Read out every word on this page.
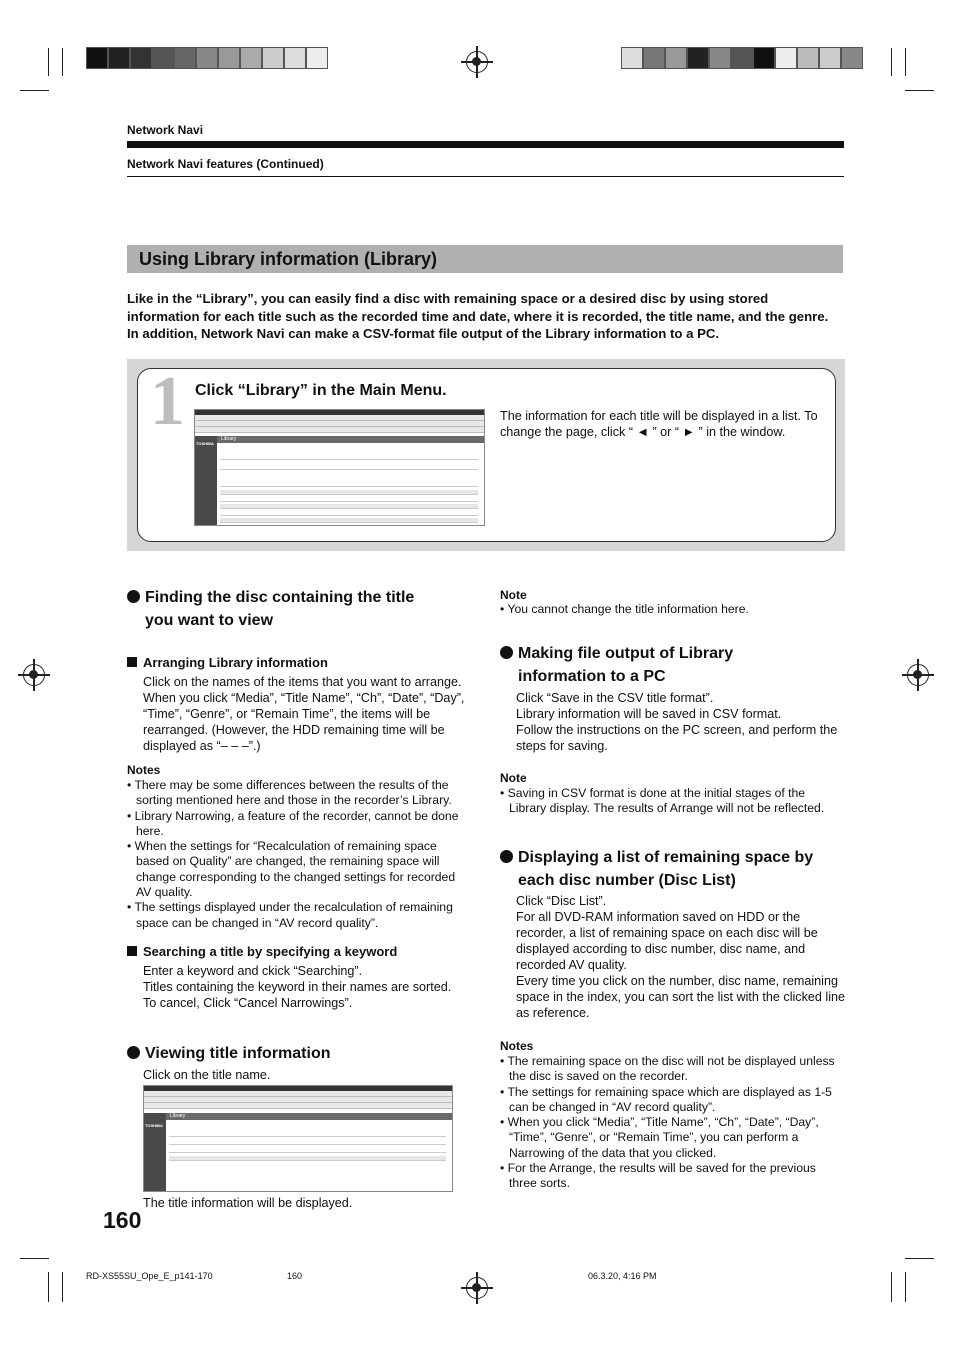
Network Navi
Network Navi features (Continued)
Using Library information (Library)
Like in the “Library”, you can easily find a disc with remaining space or a desired disc by using stored information for each title such as the recorded time and date, where it is recorded, the title name, and the genre. In addition, Network Navi can make a CSV-format file output of the Library information to a PC.
1 Click “Library” in the Main Menu.
The information for each title will be displayed in a list. To change the page, click “ ◄ ” or “ ► ” in the window.
TOSHIBA
Library
Finding the disc containing the title
you want to view
Arranging Library information
Click on the names of the items that you want to arrange. When you click “Media”, “Title Name”, “Ch”, “Date”, “Day”, “Time”, “Genre”, or “Remain Time”, the items will be rearranged. (However, the HDD remaining time will be displayed as “– – –”.)
Notes
• There may be some differences between the results of the sorting mentioned here and those in the recorder’s Library.
• Library Narrowing, a feature of the recorder, cannot be done here.
• When the settings for “Recalculation of remaining space based on Quality” are changed, the remaining space will change corresponding to the changed settings for recorded AV quality.
• The settings displayed under the recalculation of remaining space can be changed in “AV record quality”.
Searching a title by specifying a keyword

Enter a keyword and ckick “Searching”.

Titles containing the keyword in their names are sorted.

To cancel, Click “Cancel Narrowings”.

Viewing title information
Click on the title name.
TOSHIBA
Library
The title information will be displayed.
Note
• You cannot change the title information here.
Making file output of Library
information to a PC

Click “Save in the CSV title format”.

Library information will be saved in CSV format.

Follow the instructions on the PC screen, and perform the steps for saving.

Note
• Saving in CSV format is done at the initial stages of the Library display. The results of Arrange will not be reflected.
Displaying a list of remaining space by
each disc number (Disc List)

Click “Disc List”.

For all DVD-RAM information saved on HDD or the recorder, a list of remaining space on each disc will be displayed according to disc number, disc name, and recorded AV quality.

Every time you click on the number, disc name, remaining space in the index, you can sort the list with the clicked line as reference.

Notes
• The remaining space on the disc will not be displayed unless the disc is saved on the recorder.
• The settings for remaining space which are displayed as 1-5 can be changed in “AV record quality”.
• When you click “Media”, “Title Name”, “Ch”, “Date”, “Day”, “Time”, “Genre”, or “Remain Time”, you can perform a Narrowing of the data that you clicked.
• For the Arrange, the results will be saved for the previous three sorts.
160
RD-XS55SU_Ope_E_p141-170	160	06.3.20, 4:16 PM
